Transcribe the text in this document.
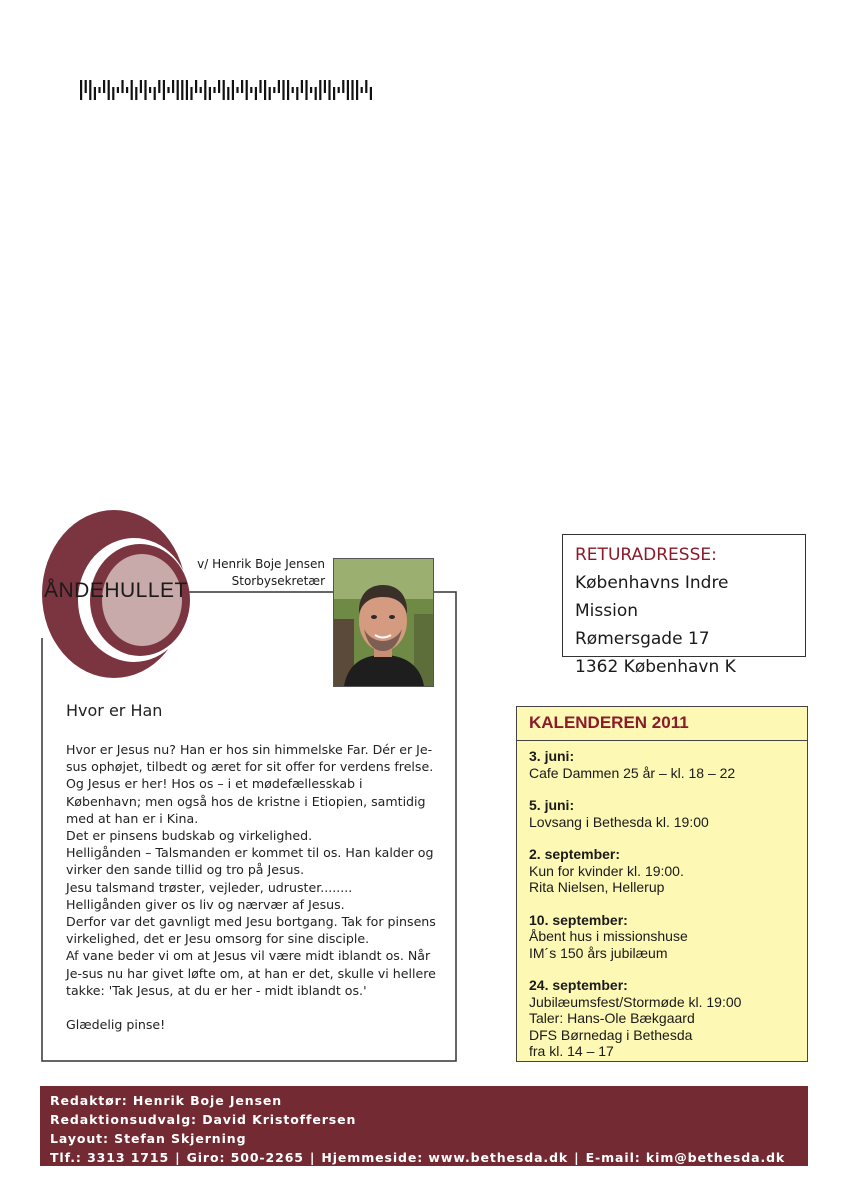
ÅNDEHULLET
v/ Henrik Boje Jensen
Storbysekretær
Hvor er Han

Hvor er Jesus nu? Han er hos sin himmelske Far. Dér er Je-sus ophøjet, tilbedt og æret for sit offer for verdens frelse.

Og Jesus er her! Hos os – i et mødefællesskab i København; men også hos de kristne i Etiopien, samtidig med at han er i Kina.

Det er pinsens budskab og virkelighed.

Helligånden – Talsmanden er kommet til os. Han kalder og virker den sande tillid og tro på Jesus.

Jesu talsmand trøster, vejleder, udruster........

Helligånden giver os liv og nærvær af Jesus.

Derfor var det gavnligt med Jesu bortgang. Tak for pinsens virkelighed, det er Jesu omsorg for sine disciple.

Af vane beder vi om at Jesus vil være midt iblandt os. Når Je-sus nu har givet løfte om, at han er det, skulle vi hellere takke: 'Tak Jesus, at du er her - midt iblandt os.'

Glædelig pinse!

RETURADRESSE:
Københavns Indre Mission
Rømersgade 17
1362 København K
KALENDEREN 2011
3. juni:
Cafe Dammen 25 år – kl. 18 – 22
5. juni:
Lovsang i Bethesda kl. 19:00
2. september:
Kun for kvinder kl. 19:00.
Rita Nielsen, Hellerup
10. september:
Åbent hus i missionshuse
IM´s 150 års jubilæum
24. september:
Jubilæumsfest/Stormøde kl. 19:00
Taler: Hans-Ole Bækgaard
DFS Børnedag i Bethesda
fra kl. 14 – 17
Redaktør: Henrik Boje Jensen
Redaktionsudvalg: David Kristoffersen
Layout: Stefan Skjerning
Tlf.: 3313 1715 | Giro: 500-2265 | Hjemmeside: www.bethesda.dk | E-mail: kim@bethesda.dk
